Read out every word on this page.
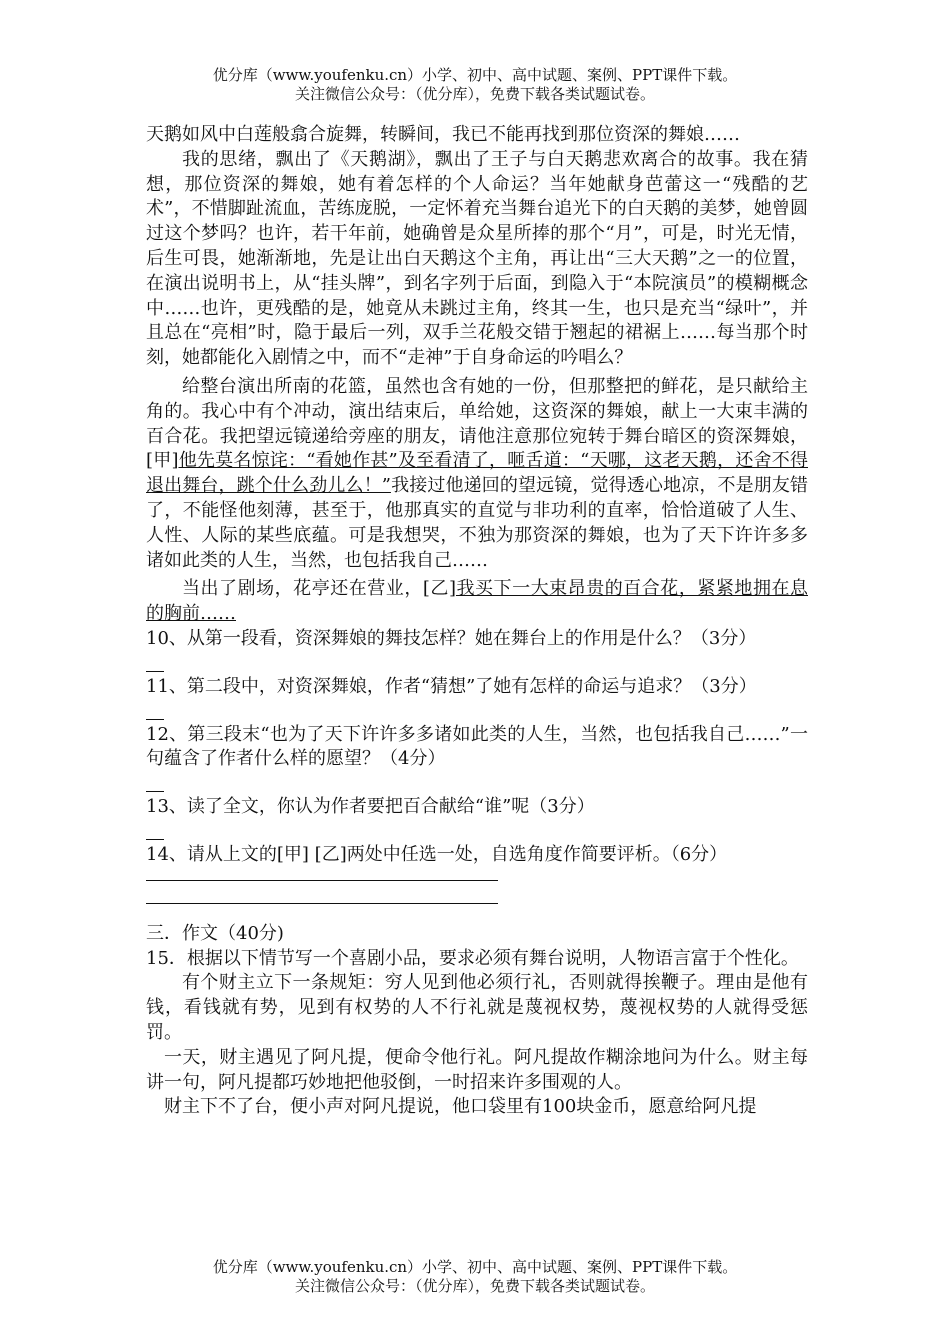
优分库（www.youfenku.cn）小学、初中、高中试题、案例、PPT课件下载。
关注微信公众号：（优分库），免费下载各类试题试卷。

天鹅如风中白莲般翕合旋舞，转瞬间，我已不能再找到那位资深的舞娘……

我的思绪，飘出了《天鹅湖》，飘出了王子与白天鹅悲欢离合的故事。我在猜想，那位资深的舞娘，她有着怎样的个人命运？当年她献身芭蕾这一“残酷的艺术”，不惜脚趾流血，苦练庞脱，一定怀着充当舞台追光下的白天鹅的美梦，她曾圆过这个梦吗？也许，若干年前，她确曾是众星所捧的那个“月”，可是，时光无情，后生可畏，她渐渐地，先是让出白天鹅这个主角，再让出“三大天鹅”之一的位置，在演出说明书上，从“挂头牌”，到名字列于后面，到隐入于“本院演员”的模糊概念中……也许，更残酷的是，她竟从未跳过主角，终其一生，也只是充当“绿叶”，并且总在“亮相”时，隐于最后一列，双手兰花般交错于翘起的裙裾上……每当那个时刻，她都能化入剧情之中，而不“走神”于自身命运的吟唱么？

给整台演出所南的花篮，虽然也含有她的一份，但那整把的鲜花，是只献给主角的。我心中有个冲动，演出结束后，单给她，这资深的舞娘，献上一大束丰满的百合花。我把望远镜递给旁座的朋友，请他注意那位宛转于舞台暗区的资深舞娘，[甲]他先莫名惊诧：“看她作甚”及至看清了，咂舌道：“天哪，这老天鹅，还舍不得退出舞台，跳个什么劲儿么！”我接过他递回的望远镜，觉得透心地凉，不是朋友错了，不能怪他刻薄，甚至于，他那真实的直觉与非功利的直率，恰恰道破了人生、人性、人际的某些底蕴。可是我想哭，不独为那资深的舞娘，也为了天下许许多多诸如此类的人生，当然，也包括我自己……

当出了剧场，花亭还在营业，[乙]我买下一大束昂贵的百合花，紧紧地拥在息的胸前……

10、从第一段看，资深舞娘的舞技怎样？她在舞台上的作用是什么？（3分）

11、第二段中，对资深舞娘，作者“猜想”了她有怎样的命运与追求？（3分）

12、第三段末“也为了天下许许多多诸如此类的人生，当然，也包括我自己……”一句蕴含了作者什么样的愿望？（4分）

13、读了全文，你认为作者要把百合献给“谁”呢（3分）

14、请从上文的[甲] [乙]两处中任选一处，自选角度作简要评析。（6分）

三．作文（40分)

15．根据以下情节写一个喜剧小品，要求必须有舞台说明，人物语言富于个性化。

有个财主立下一条规矩：穷人见到他必须行礼，否则就得挨鞭子。理由是他有钱，看钱就有势，见到有权势的人不行礼就是蔑视权势，蔑视权势的人就得受惩罚。

一天，财主遇见了阿凡提，便命令他行礼。阿凡提故作糊涂地问为什么。财主每讲一句，阿凡提都巧妙地把他驳倒，一时招来许多围观的人。

财主下不了台，便小声对阿凡提说，他口袋里有100块金币，愿意给阿凡提

优分库（www.youfenku.cn）小学、初中、高中试题、案例、PPT课件下载。
关注微信公众号：（优分库），免费下载各类试题试卷。
